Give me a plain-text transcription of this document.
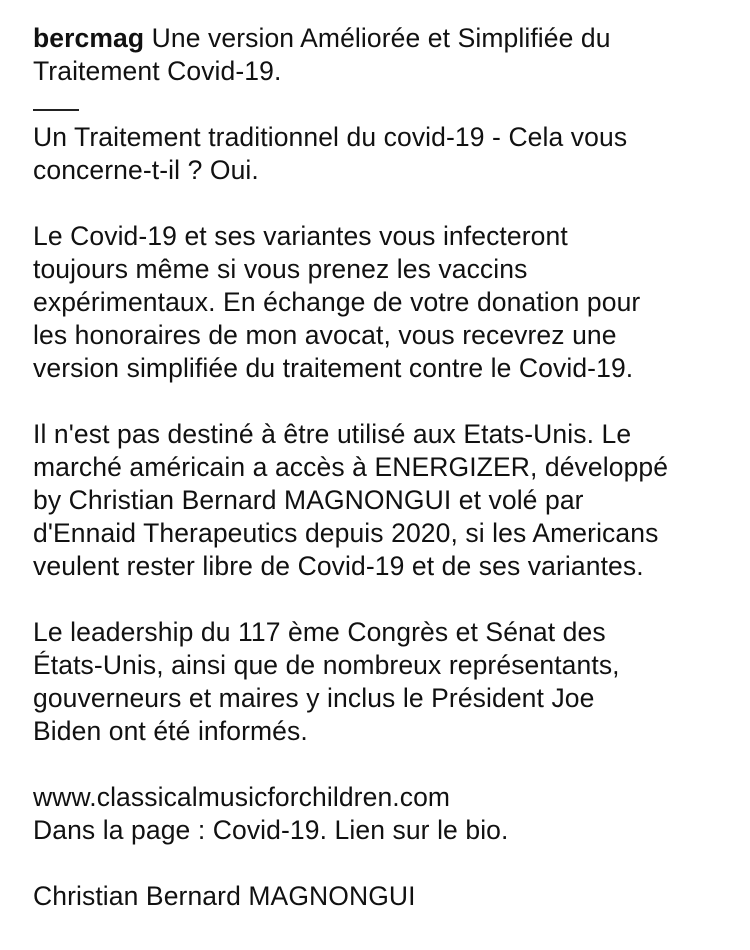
bercmag Une version Améliorée et Simplifiée du
Traitement Covid-19.

Un Traitement traditionnel du covid-19 - Cela vous
concerne-t-il ? Oui.

Le Covid-19 et ses variantes vous infecteront
toujours même si vous prenez les vaccins
expérimentaux. En échange de votre donation pour
les honoraires de mon avocat, vous recevrez une
version simplifiée du traitement contre le Covid-19.

Il n'est pas destiné à être utilisé aux Etats-Unis. Le
marché américain a accès à ENERGIZER, développé
by Christian Bernard MAGNONGUI et volé par
d'Ennaid Therapeutics depuis 2020, si les Americans
veulent rester libre de Covid-19 et de ses variantes.

Le leadership du 117 ème Congrès et Sénat des
États-Unis, ainsi que de nombreux représentants,
gouverneurs et maires y inclus le Président Joe
Biden ont été informés.

www.classicalmusicforchildren.com

Dans la page : Covid-19. Lien sur le bio.

Christian Bernard MAGNONGUI
